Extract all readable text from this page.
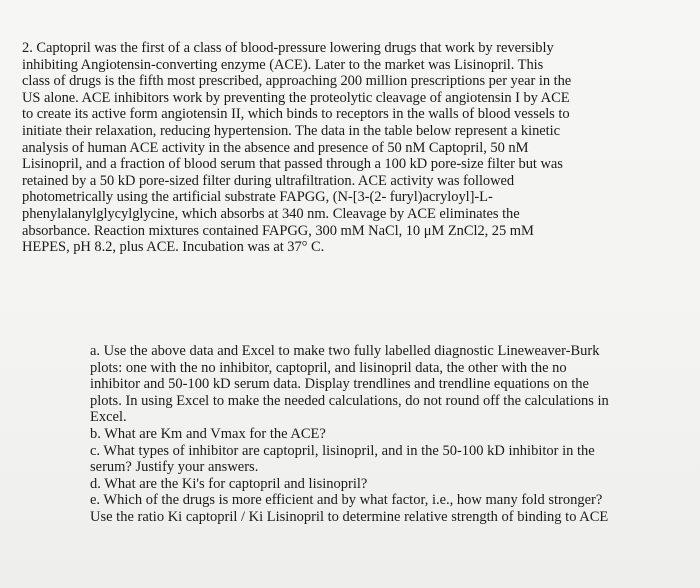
2. Captopril was the first of a class of blood-pressure lowering drugs that work by reversibly
inhibiting Angiotensin-converting enzyme (ACE). Later to the market was Lisinopril. This
class of drugs is the fifth most prescribed, approaching 200 million prescriptions per year in the
US alone. ACE inhibitors work by preventing the proteolytic cleavage of angiotensin I by ACE
to create its active form angiotensin II, which binds to receptors in the walls of blood vessels to
initiate their relaxation, reducing hypertension. The data in the table below represent a kinetic
analysis of human ACE activity in the absence and presence of 50 nM Captopril, 50 nM
Lisinopril, and a fraction of blood serum that passed through a 100 kD pore-size filter but was
retained by a 50 kD pore-sized filter during ultrafiltration. ACE activity was followed
photometrically using the artificial substrate FAPGG, (N-[3-(2- furyl)acryloyl]-L-
phenylalanylglycylglycine, which absorbs at 340 nm. Cleavage by ACE eliminates the
absorbance. Reaction mixtures contained FAPGG, 300 mM NaCl, 10 μM ZnCl2, 25 mM
HEPES, pH 8.2, plus ACE. Incubation was at 37° C.
a. Use the above data and Excel to make two fully labelled diagnostic Lineweaver-Burk
plots: one with the no inhibitor, captopril, and lisinopril data, the other with the no
inhibitor and 50-100 kD serum data. Display trendlines and trendline equations on the
plots. In using Excel to make the needed calculations, do not round off the calculations in
Excel.
b. What are Km and Vmax for the ACE?
c. What types of inhibitor are captopril, lisinopril, and in the 50-100 kD inhibitor in the
serum? Justify your answers.
d. What are the Ki's for captopril and lisinopril?
e. Which of the drugs is more efficient and by what factor, i.e., how many fold stronger?
Use the ratio Ki captopril / Ki Lisinopril to determine relative strength of binding to ACE
